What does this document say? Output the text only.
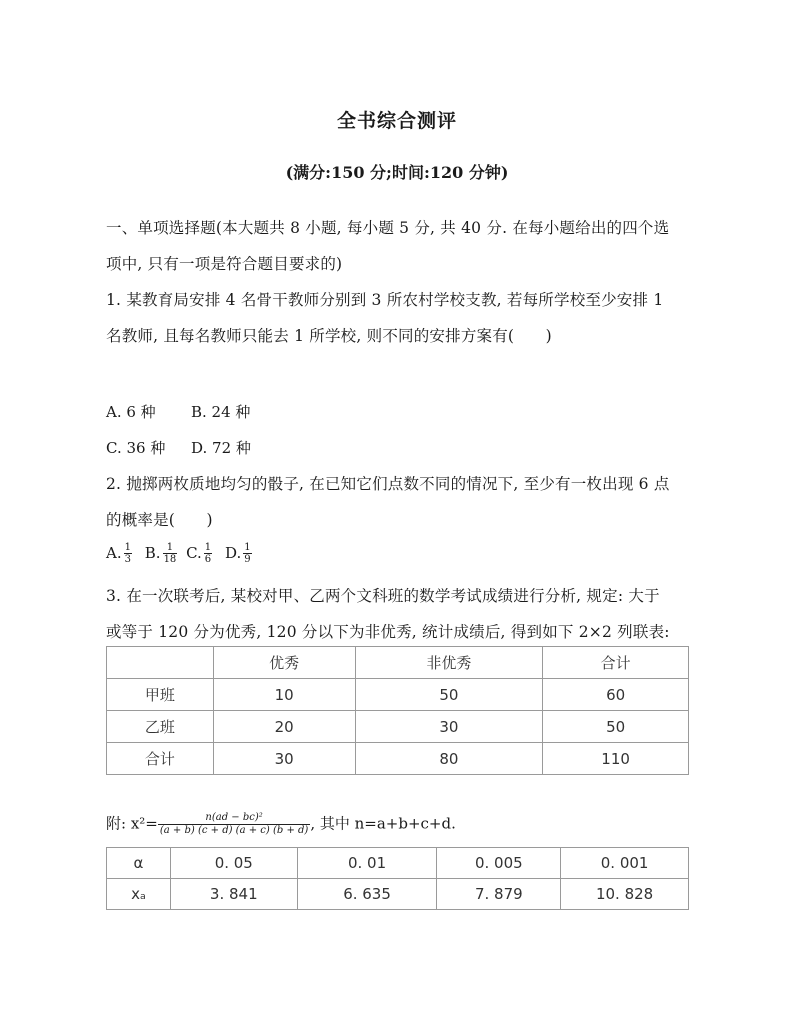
全书综合测评
(满分:150 分;时间:120 分钟)
一、单项选择题(本大题共 8 小题, 每小题 5 分, 共 40 分. 在每小题给出的四个选
项中, 只有一项是符合题目要求的)
1. 某教育局安排 4 名骨干教师分别到 3 所农村学校支教, 若每所学校至少安排 1
名教师, 且每名教师只能去 1 所学校, 则不同的安排方案有(　　)
A. 6 种 B. 24 种
C. 36 种 D. 72 种
2. 抛掷两枚质地均匀的骰子, 在已知它们点数不同的情况下, 至少有一枚出现 6 点
的概率是(　　)
A. $\frac{1}{3} B$. $\frac{1}{18} C$. $\frac{1}{6} D$. $\frac{1}{9}$
3. 在一次联考后, 某校对甲、乙两个文科班的数学考试成绩进行分析, 规定: 大于
或等于 120 分为优秀, 120 分以下为非优秀, 统计成绩后, 得到如下 2×2 列联表:
	优秀	非优秀	合计
甲班	10	50	60
乙班	20	30	50
合计	30	80	110
附: $x^2= \frac{\text{n(ad − bc)²}}{(a + b) (c + d) (a + c) (b + d)}$ , 其中 n=a+b+c+d.
α	0. 05	0. 01	0. 005	0. 001
xₐ	3. 841	6. 635	7. 879	10. 828
